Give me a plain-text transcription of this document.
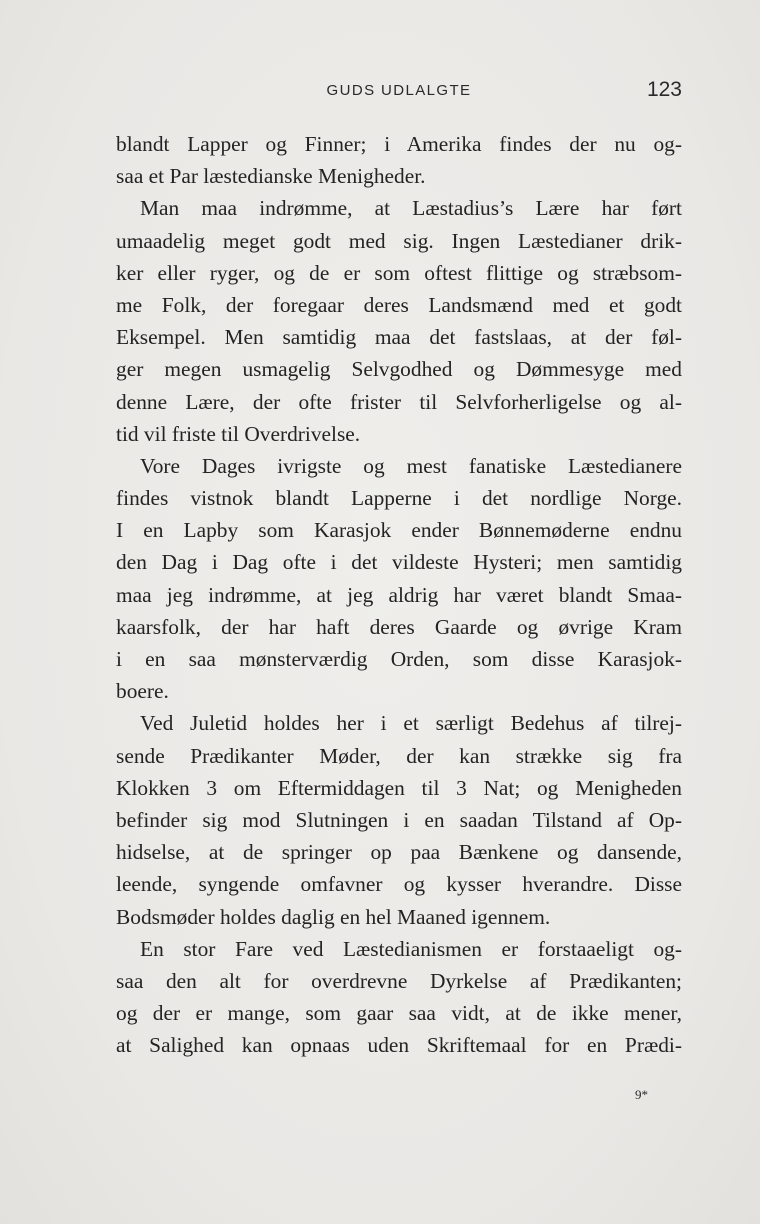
GUDS UDLALGTE	123
blandt Lapper og Finner; i Amerika findes der nu og-
saa et Par læstedianske Menigheder.
Man maa indrømme, at Læstadius’s Lære har ført
umaadelig meget godt med sig. Ingen Læstedianer drik-
ker eller ryger, og de er som oftest flittige og stræbsom-
me Folk, der foregaar deres Landsmænd med et godt
Eksempel. Men samtidig maa det fastslaas, at der føl-
ger megen usmagelig Selvgodhed og Dømmesyge med
denne Lære, der ofte frister til Selvforherligelse og al-
tid vil friste til Overdrivelse.
Vore Dages ivrigste og mest fanatiske Læstedianere
findes vistnok blandt Lapperne i det nordlige Norge.
I en Lapby som Karasjok ender Bønnemøderne endnu
den Dag i Dag ofte i det vildeste Hysteri; men samtidig
maa jeg indrømme, at jeg aldrig har været blandt Smaa-
kaarsfolk, der har haft deres Gaarde og øvrige Kram
i en saa mønsterværdig Orden, som disse Karasjok-
boere.
Ved Juletid holdes her i et særligt Bedehus af tilrej-
sende Prædikanter Møder, der kan strække sig fra
Klokken 3 om Eftermiddagen til 3 Nat; og Menigheden
befinder sig mod Slutningen i en saadan Tilstand af Op-
hidselse, at de springer op paa Bænkene og dansende,
leende, syngende omfavner og kysser hverandre. Disse
Bodsmøder holdes daglig en hel Maaned igennem.
En stor Fare ved Læstedianismen er forstaaeligt og-
saa den alt for overdrevne Dyrkelse af Prædikanten;
og der er mange, som gaar saa vidt, at de ikke mener,
at Salighed kan opnaas uden Skriftemaal for en Prædi-
9*
